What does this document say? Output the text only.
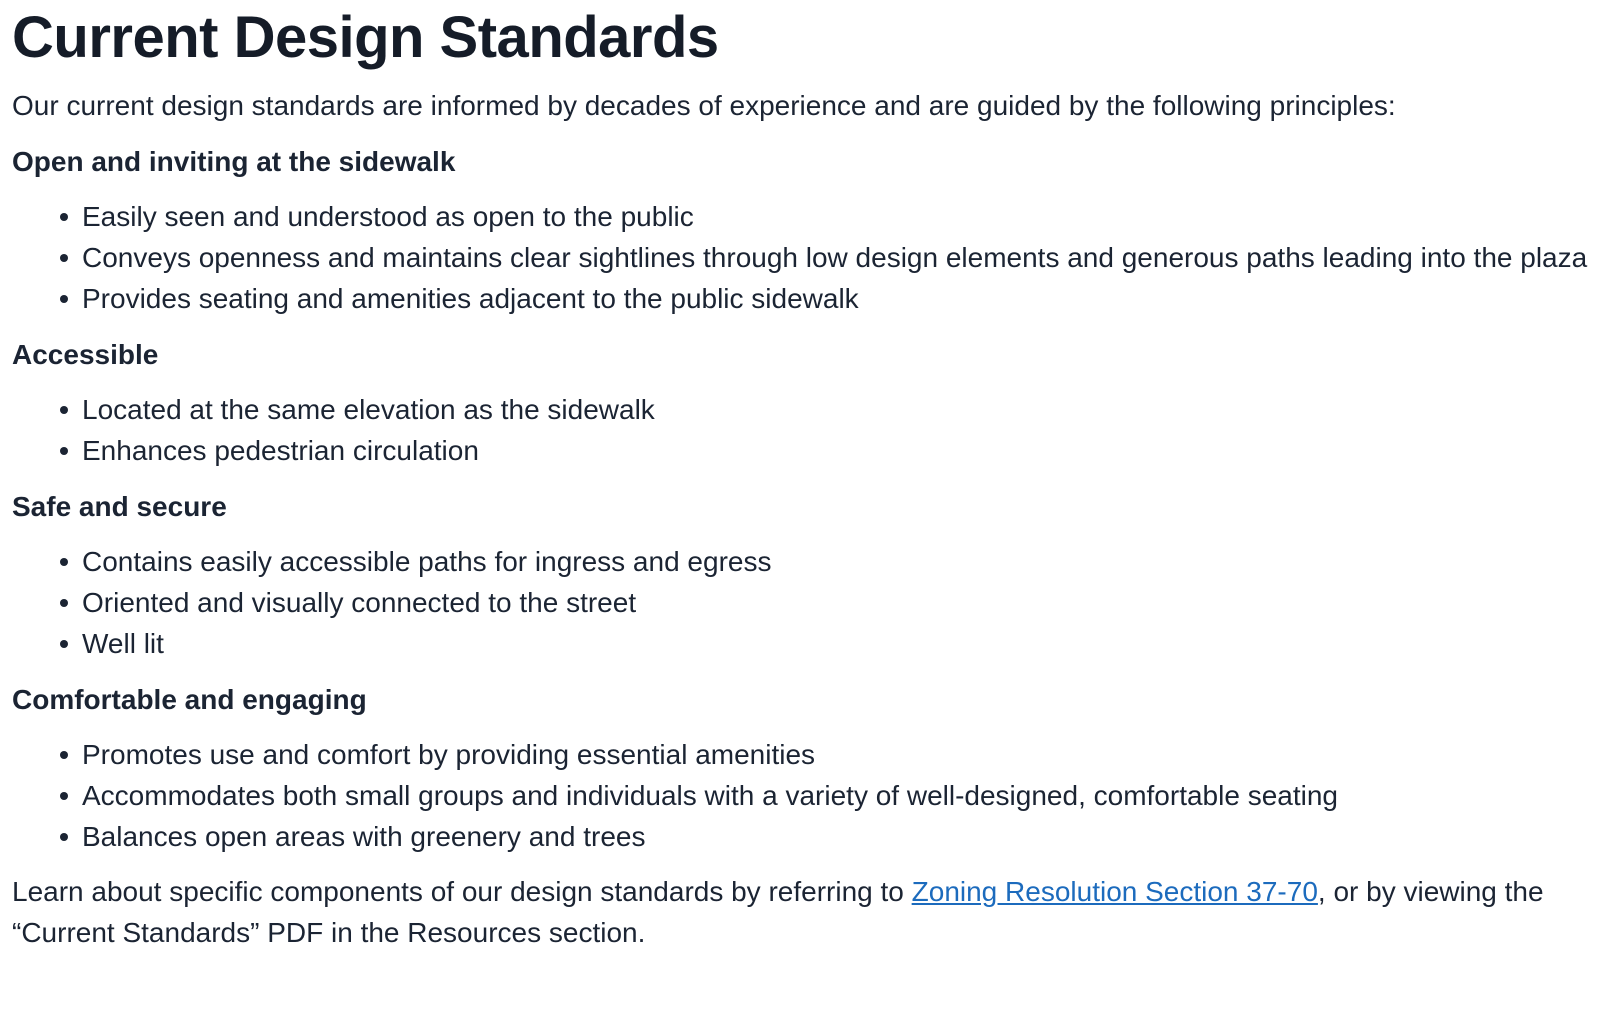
Current Design Standards

Our current design standards are informed by decades of experience and are guided by the following principles:

Open and inviting at the sidewalk
Easily seen and understood as open to the public
Conveys openness and maintains clear sightlines through low design elements and generous paths leading into the plaza
Provides seating and amenities adjacent to the public sidewalk
Accessible
Located at the same elevation as the sidewalk
Enhances pedestrian circulation
Safe and secure
Contains easily accessible paths for ingress and egress
Oriented and visually connected to the street
Well lit
Comfortable and engaging
Promotes use and comfort by providing essential amenities
Accommodates both small groups and individuals with a variety of well-designed, comfortable seating
Balances open areas with greenery and trees

Learn about specific components of our design standards by referring to Zoning Resolution Section 37-70, or by viewing the “Current Standards” PDF in the Resources section.
